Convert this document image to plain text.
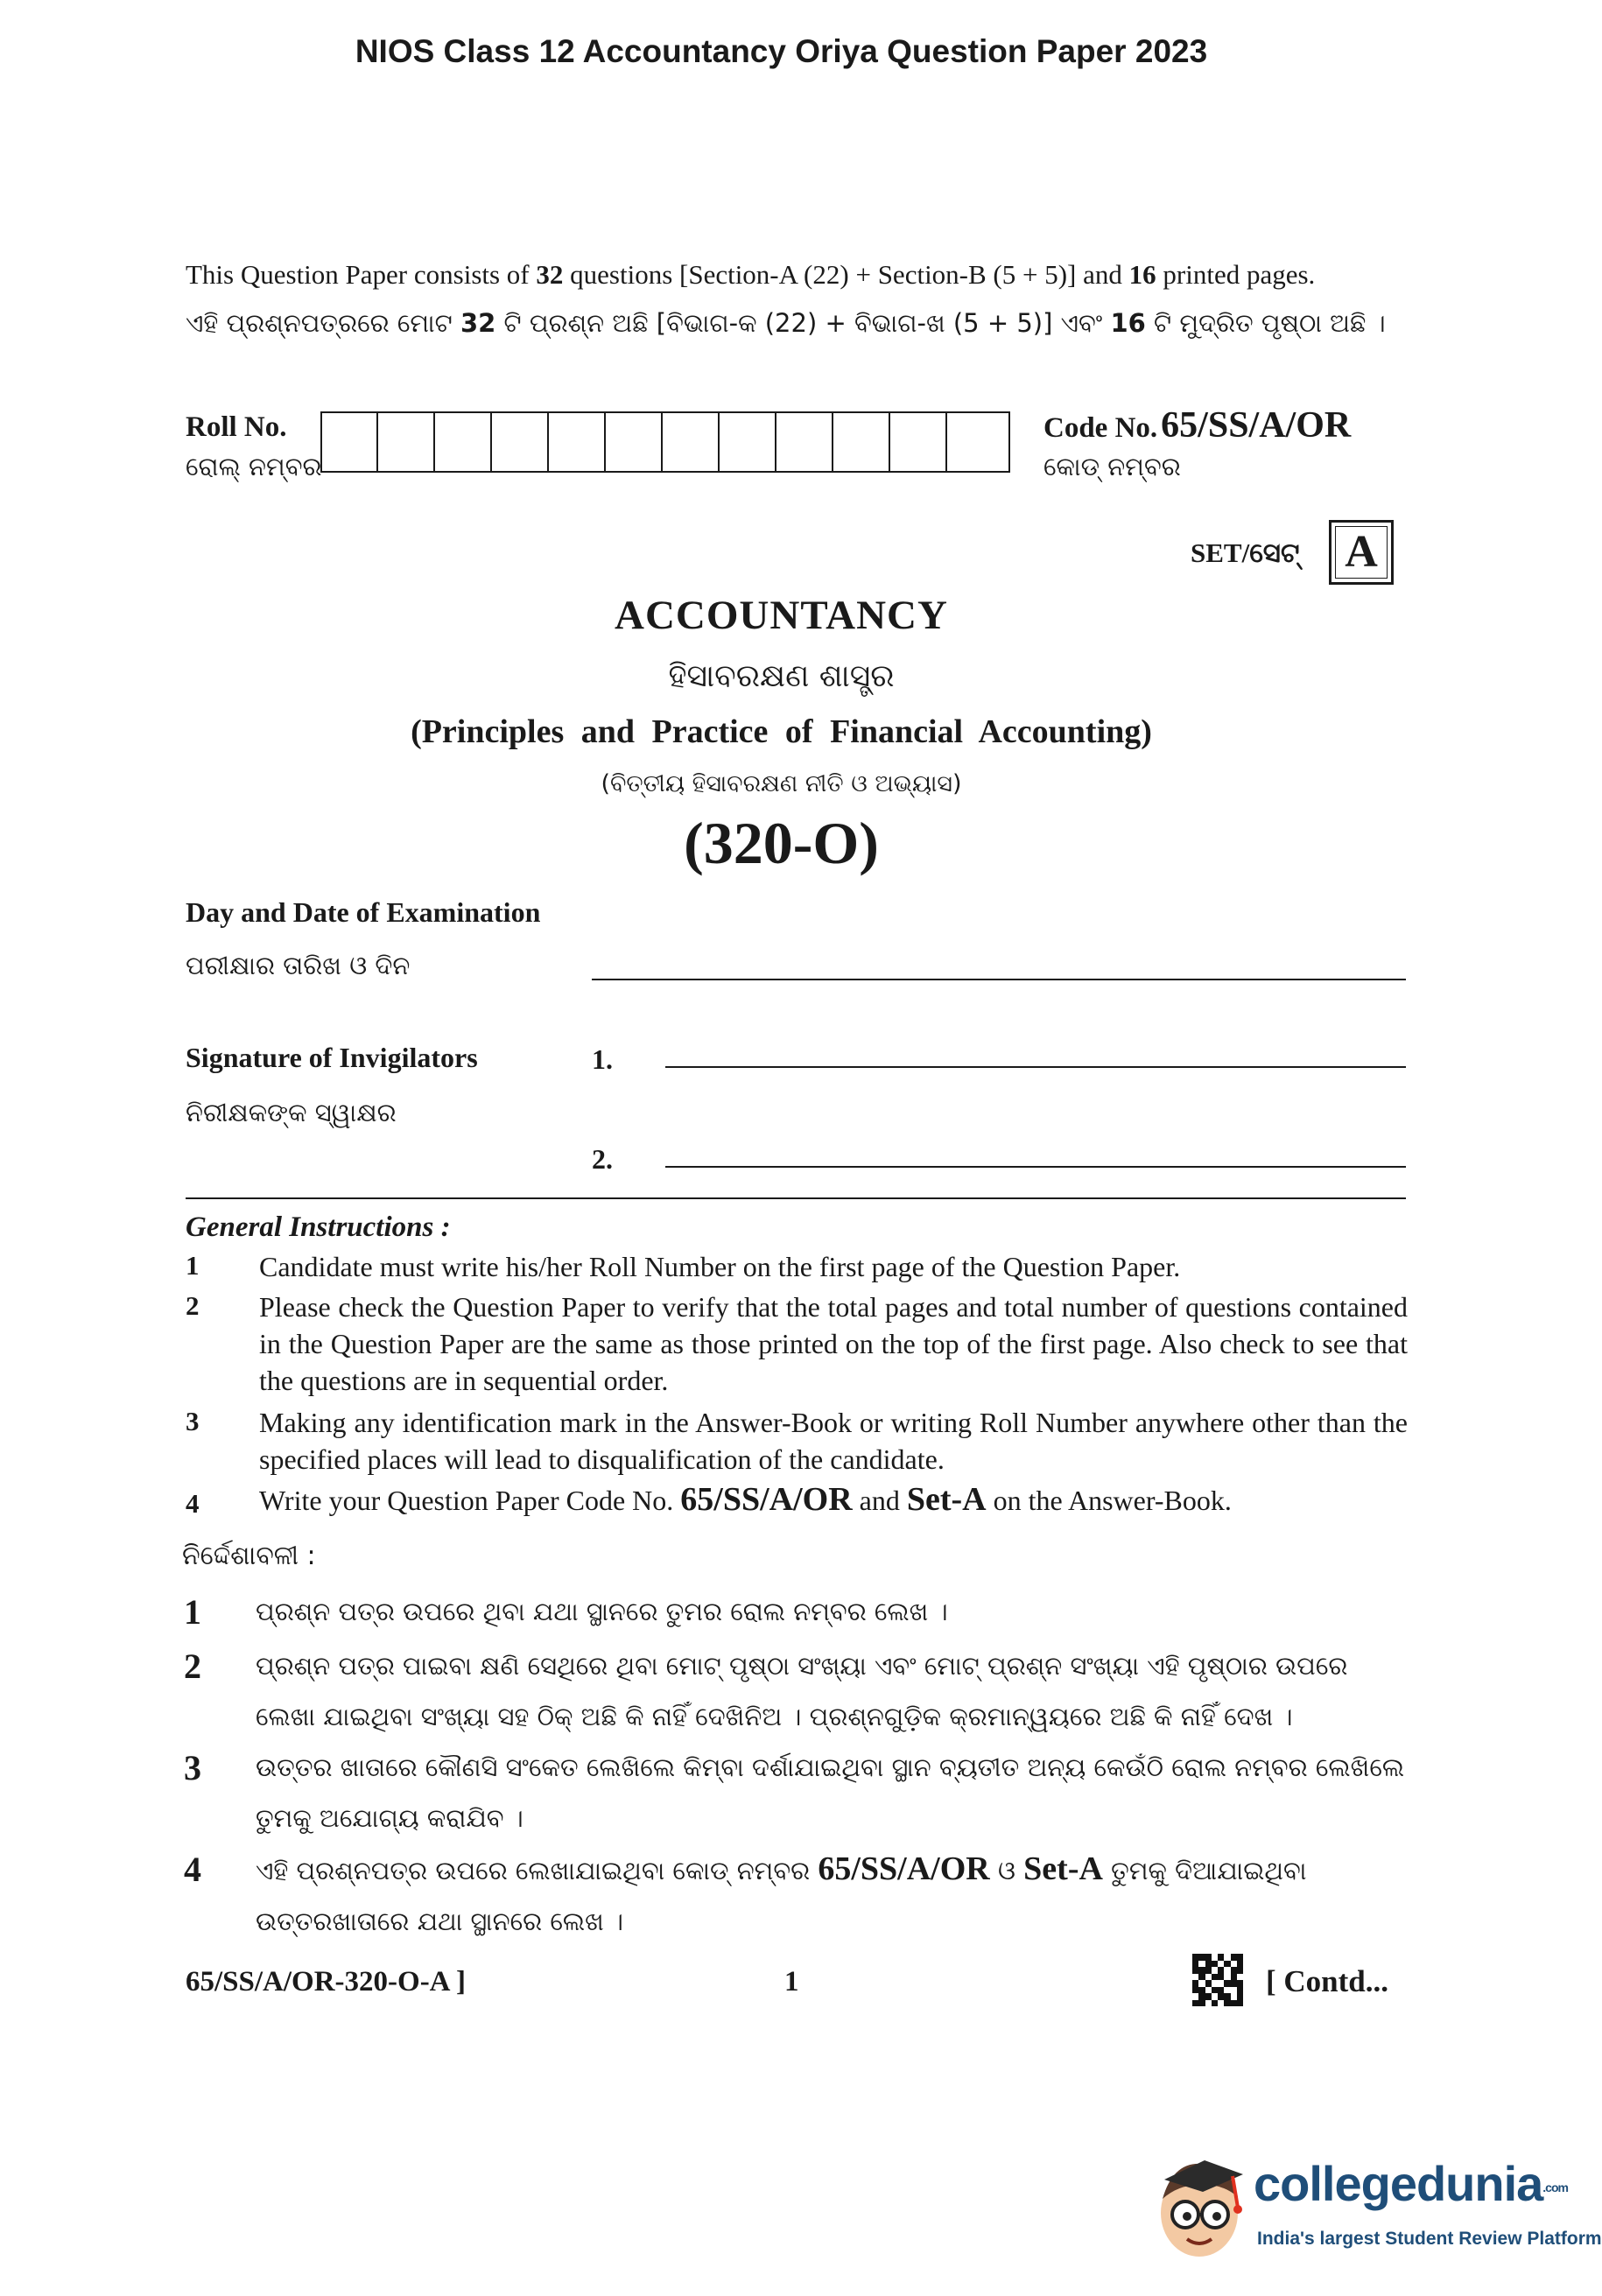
NIOS Class 12 Accountancy Oriya Question Paper 2023
This Question Paper consists of 32 questions [Section-A (22) + Section-B (5 + 5)] and 16 printed pages.
ଏହି ପ୍ରଶ୍ନପତ୍ରରେ ମୋଟ 32 ଟି ପ୍ରଶ୍ନ ଅଛି [ବିଭାଗ-କ (22) + ବିଭାଗ-ଖ (5 + 5)] ଏବଂ 16 ଟି ମୁଦ୍ରିତ ପୃଷ୍ଠା ଅଛି ।
Roll No.
ରୋଲ୍ ନମ୍ବର
Code No. 65/SS/A/OR
କୋଡ୍ ନମ୍ବର
SET/ସେଟ୍ A
ACCOUNTANCY
ହିସାବରକ୍ଷଣ ଶାସ୍ତ୍ର
(Principles and Practice of Financial Accounting)
(ବିତ୍ତୀୟ ହିସାବରକ୍ଷଣ ନୀତି ଓ ଅଭ୍ୟାସ)
(320-O)
Day and Date of Examination
ପରୀକ୍ଷାର ତାରିଖ ଓ ଦିନ
Signature of Invigilators
ନିରୀକ୍ଷକଙ୍କ ସ୍ୱାକ୍ଷର
1.
2.
General Instructions :
1 Candidate must write his/her Roll Number on the first page of the Question Paper.
2 Please check the Question Paper to verify that the total pages and total number of questions contained in the Question Paper are the same as those printed on the top of the first page. Also check to see that the questions are in sequential order.
3 Making any identification mark in the Answer-Book or writing Roll Number anywhere other than the specified places will lead to disqualification of the candidate.
4 Write your Question Paper Code No. 65/SS/A/OR and Set-A on the Answer-Book.
ନିର୍ଦ୍ଦେଶାବଳୀ :
1 ପ୍ରଶ୍ନ ପତ୍ର ଉପରେ ଥିବା ଯଥା ସ୍ଥାନରେ ତୁମର ରୋଲ ନମ୍ବର ଲେଖ ।
2 ପ୍ରଶ୍ନ ପତ୍ର ପାଇବା କ୍ଷଣି ସେଥିରେ ଥିବା ମୋଟ୍ ପୃଷ୍ଠା ସଂଖ୍ୟା ଏବଂ ମୋଟ୍ ପ୍ରଶ୍ନ ସଂଖ୍ୟା ଏହି ପୃଷ୍ଠାର ଉପରେ ଲେଖା ଯାଇଥିବା ସଂଖ୍ୟା ସହ ଠିକ୍ ଅଛି କି ନାହିଁ ଦେଖିନିଅ । ପ୍ରଶ୍ନଗୁଡ଼ିକ କ୍ରମାନ୍ୱୟରେ ଅଛି କି ନାହିଁ ଦେଖ ।
3 ଉତ୍ତର ଖାତାରେ କୌଣସି ସଂକେତ ଲେଖିଲେ କିମ୍ବା ଦର୍ଶାଯାଇଥିବା ସ୍ଥାନ ବ୍ୟତୀତ ଅନ୍ୟ କେଉଁଠି ରୋଲ ନମ୍ବର ଲେଖିଲେ ତୁମକୁ ଅଯୋଗ୍ୟ କରାଯିବ ।
4 ଏହି ପ୍ରଶ୍ନପତ୍ର ଉପରେ ଲେଖାଯାଇଥିବା କୋଡ୍ ନମ୍ବର 65/SS/A/OR ଓ Set-A ତୁମକୁ ଦିଆଯାଇଥିବା ଉତ୍ତରଖାତାରେ ଯଥା ସ୍ଥାନରେ ଲେଖ ।
65/SS/A/OR-320-O-A ]	1	[ Contd...
collegedunia.com
India's largest Student Review Platform
